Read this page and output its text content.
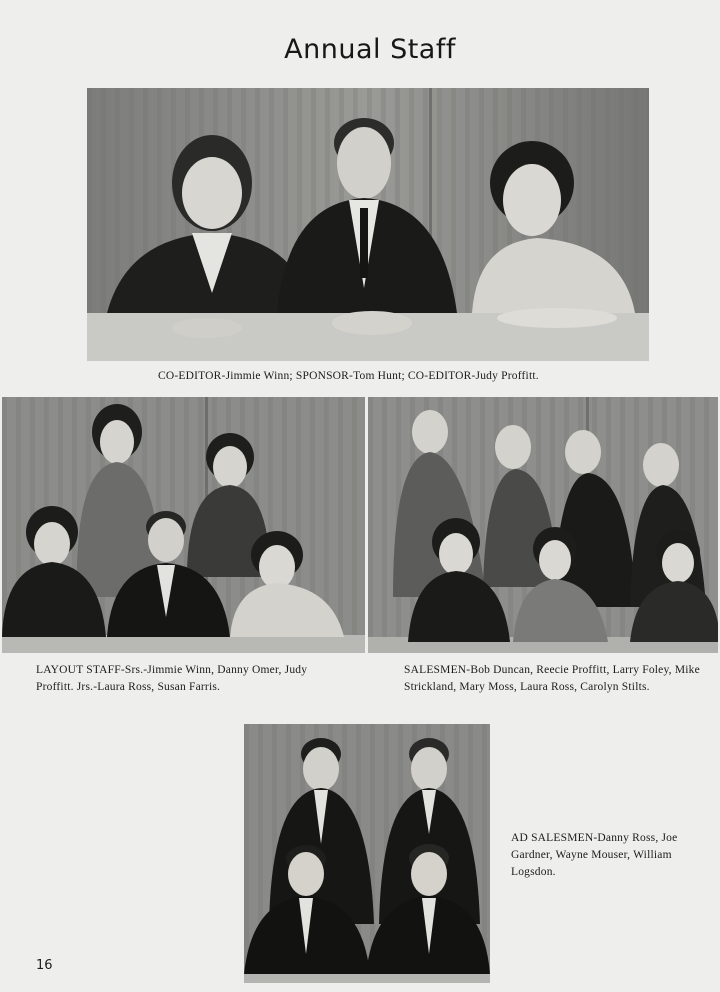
Annual Staff
CO-EDITOR-Jimmie Winn; SPONSOR-Tom Hunt; CO-EDITOR-Judy Proffitt.
LAYOUT STAFF-Srs.-Jimmie Winn, Danny Omer, Judy Proffitt. Jrs.-Laura Ross, Susan Farris.
SALESMEN-Bob Duncan, Reecie Proffitt, Larry Foley, Mike Strickland, Mary Moss, Laura Ross, Carolyn Stilts.
AD SALESMEN-Danny Ross, Joe Gardner, Wayne Mouser, William Logsdon.
16
